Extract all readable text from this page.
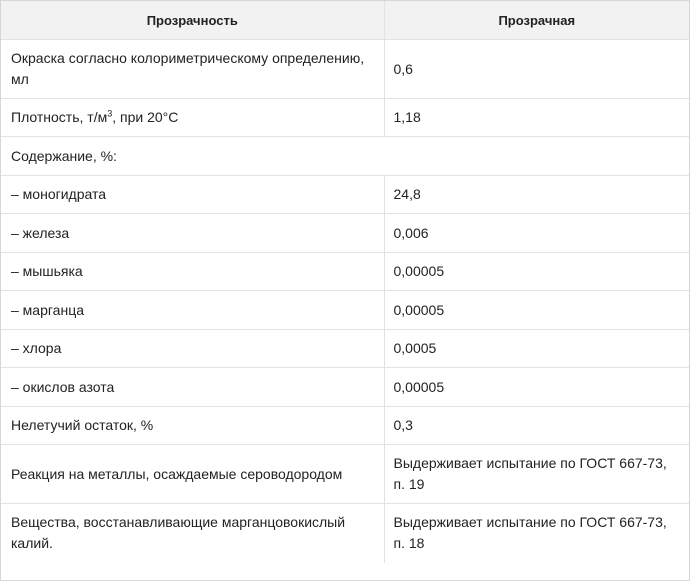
Прозрачность	Прозрачная
Окраска согласно колориметрическому определению, мл	0,6
Плотность, $т/м^3$, при 20°С	1,18
Содержание, %:	
– моногидрата	24,8
– железа	0,006
– мышьяка	0,00005
– марганца	0,00005
– хлора	0,0005
– окислов азота	0,00005
Нелетучий остаток, %	0,3
Реакция на металлы, осаждаемые сероводородом	Выдерживает испытание по ГОСТ 667-73, п. 19
Вещества, восстанавливающие марганцовокислый калий.	Выдерживает испытание по ГОСТ 667-73, п. 18
